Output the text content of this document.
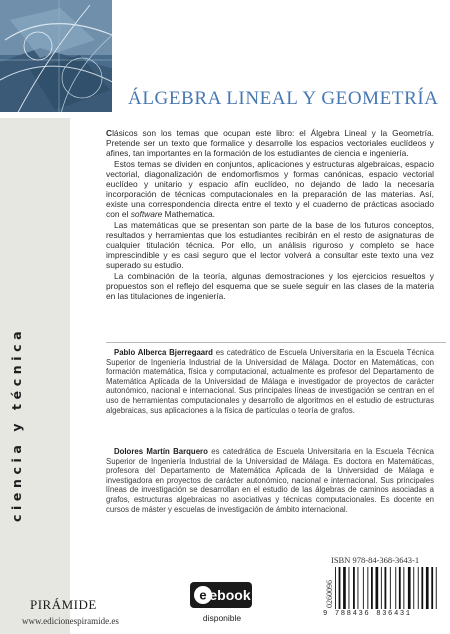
ciencia y técnica
ÁLGEBRA LINEAL Y GEOMETRÍA

Clásicos son los temas que ocupan este libro: el Álgebra Lineal y la Geometría. Pretende ser un texto que formalice y desarrolle los espacios vectoriales euclídeos y afines, tan importantes en la formación de los estudiantes de ciencia e ingeniería.

Estos temas se dividen en conjuntos, aplicaciones y estructuras algebraicas, espacio vectorial, diagonalización de endomorfismos y formas canónicas, espacio vectorial euclídeo y unitario y espacio afín euclídeo, no dejando de lado la necesaria incorporación de técnicas computacionales en la preparación de las materias. Así, existe una correspondencia directa entre el texto y el cuaderno de prácticas asociado con el software Mathematica.

Las matemáticas que se presentan son parte de la base de los futuros conceptos, resultados y herramientas que los estudiantes recibirán en el resto de asignaturas de cualquier titulación técnica. Por ello, un análisis riguroso y completo se hace imprescindible y es casi seguro que el lector volverá a consultar este texto una vez superado su estudio.

La combinación de la teoría, algunas demostraciones y los ejercicios resueltos y propuestos son el reflejo del esquema que se suele seguir en las clases de la materia en las titulaciones de ingeniería.

Pablo Alberca Bjerregaard es catedrático de Escuela Universitaria en la Escuela Técnica Superior de Ingeniería Industrial de la Universidad de Málaga. Doctor en Matemáticas, con formación matemática, física y computacional, actualmente es profesor del Departamento de Matemática Aplicada de la Universidad de Málaga e investigador de proyectos de carácter autonómico, nacional e internacional. Sus principales líneas de investigación se centran en el uso de herramientas computacionales y desarrollo de algoritmos en el estudio de estructuras algebraicas, sus aplicaciones a la física de partículas o teoría de grafos.
Dolores Martín Barquero es catedrática de Escuela Universitaria en la Escuela Técnica Superior de Ingeniería Industrial de la Universidad de Málaga. Es doctora en Matemáticas, profesora del Departamento de Matemática Aplicada de la Universidad de Málaga e investigadora en proyectos de carácter autonómico, nacional e internacional. Sus principales líneas de investigación se desarrollan en el estudio de las álgebras de caminos asociadas a grafos, estructuras algebraicas no asociativas y técnicas computacionales. Es docente en cursos de máster y escuelas de investigación de ámbito internacional.
ISBN 978-84-368-3643-1
0260096
9 788436 836431
PIRÁMIDE
www.edicionespiramide.es
e ebook
disponible
